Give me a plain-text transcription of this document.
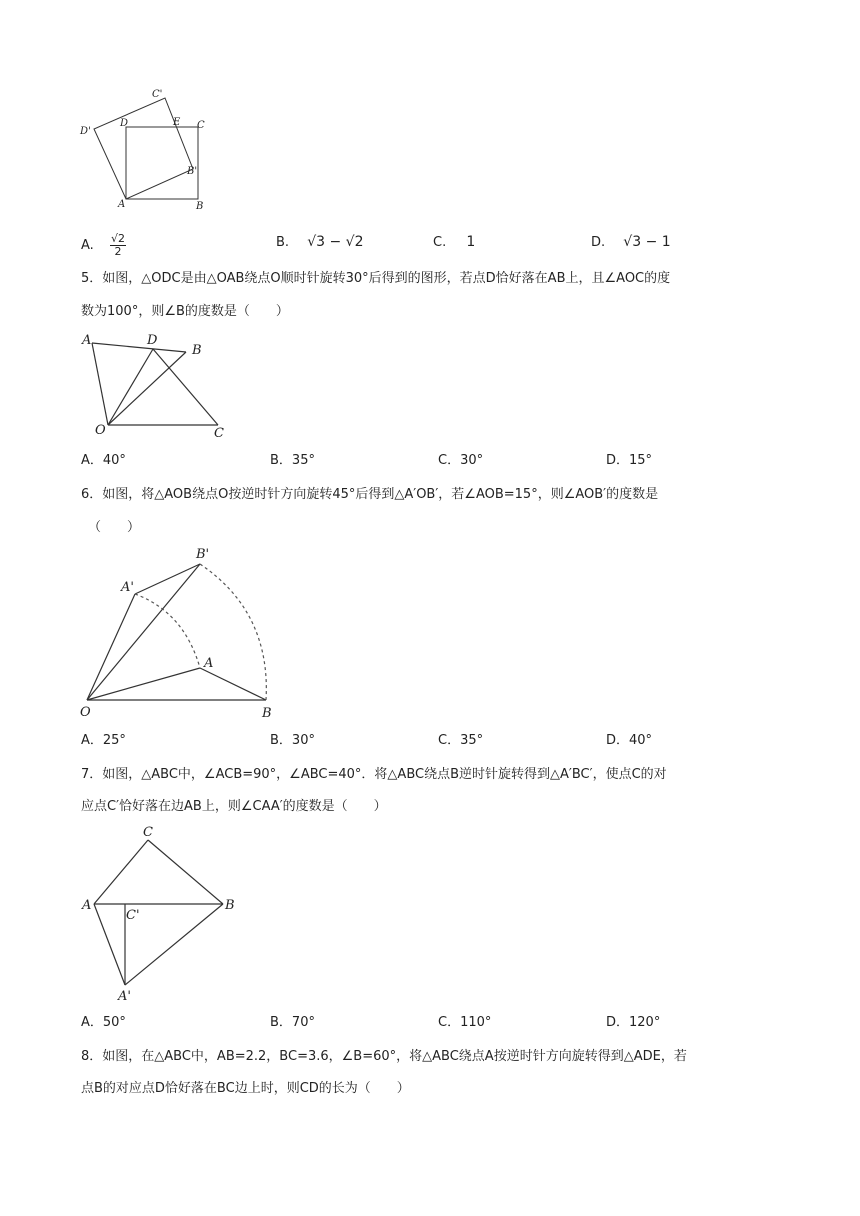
C'
D'
D	E C
B'
A	B
A. $\frac{√2}{2}$	B. √3 − √2	C. 1	D. √3 − 1
5．如图，△ODC是由△OAB绕点O顺时针旋转30°后得到的图形，若点D恰好落在AB上，且∠AOC的度
数为100°，则∠B的度数是（　　）
A	D
B
O	C
A．40°	B．35°	C．30°	D．15°
6．如图，将△AOB绕点O按逆时针方向旋转45°后得到△A′OB′，若∠AOB=15°，则∠AOB′的度数是
（　　）
B'
A'
A
O	B
A．25°	B．30°	C．35°	D．40°
7．如图，△ABC中，∠ACB=90°，∠ABC=40°．将△ABC绕点B逆时针旋转得到△A′BC′，使点C的对
应点C′恰好落在边AB上，则∠CAA′的度数是（　　）
C
A
C'
B
A'
A．50°	B．70°	C．110°	D．120°
8．如图，在△ABC中，AB=2.2，BC=3.6，∠B=60°，将△ABC绕点A按逆时针方向旋转得到△ADE，若
点B的对应点D恰好落在BC边上时，则CD的长为（　　）
